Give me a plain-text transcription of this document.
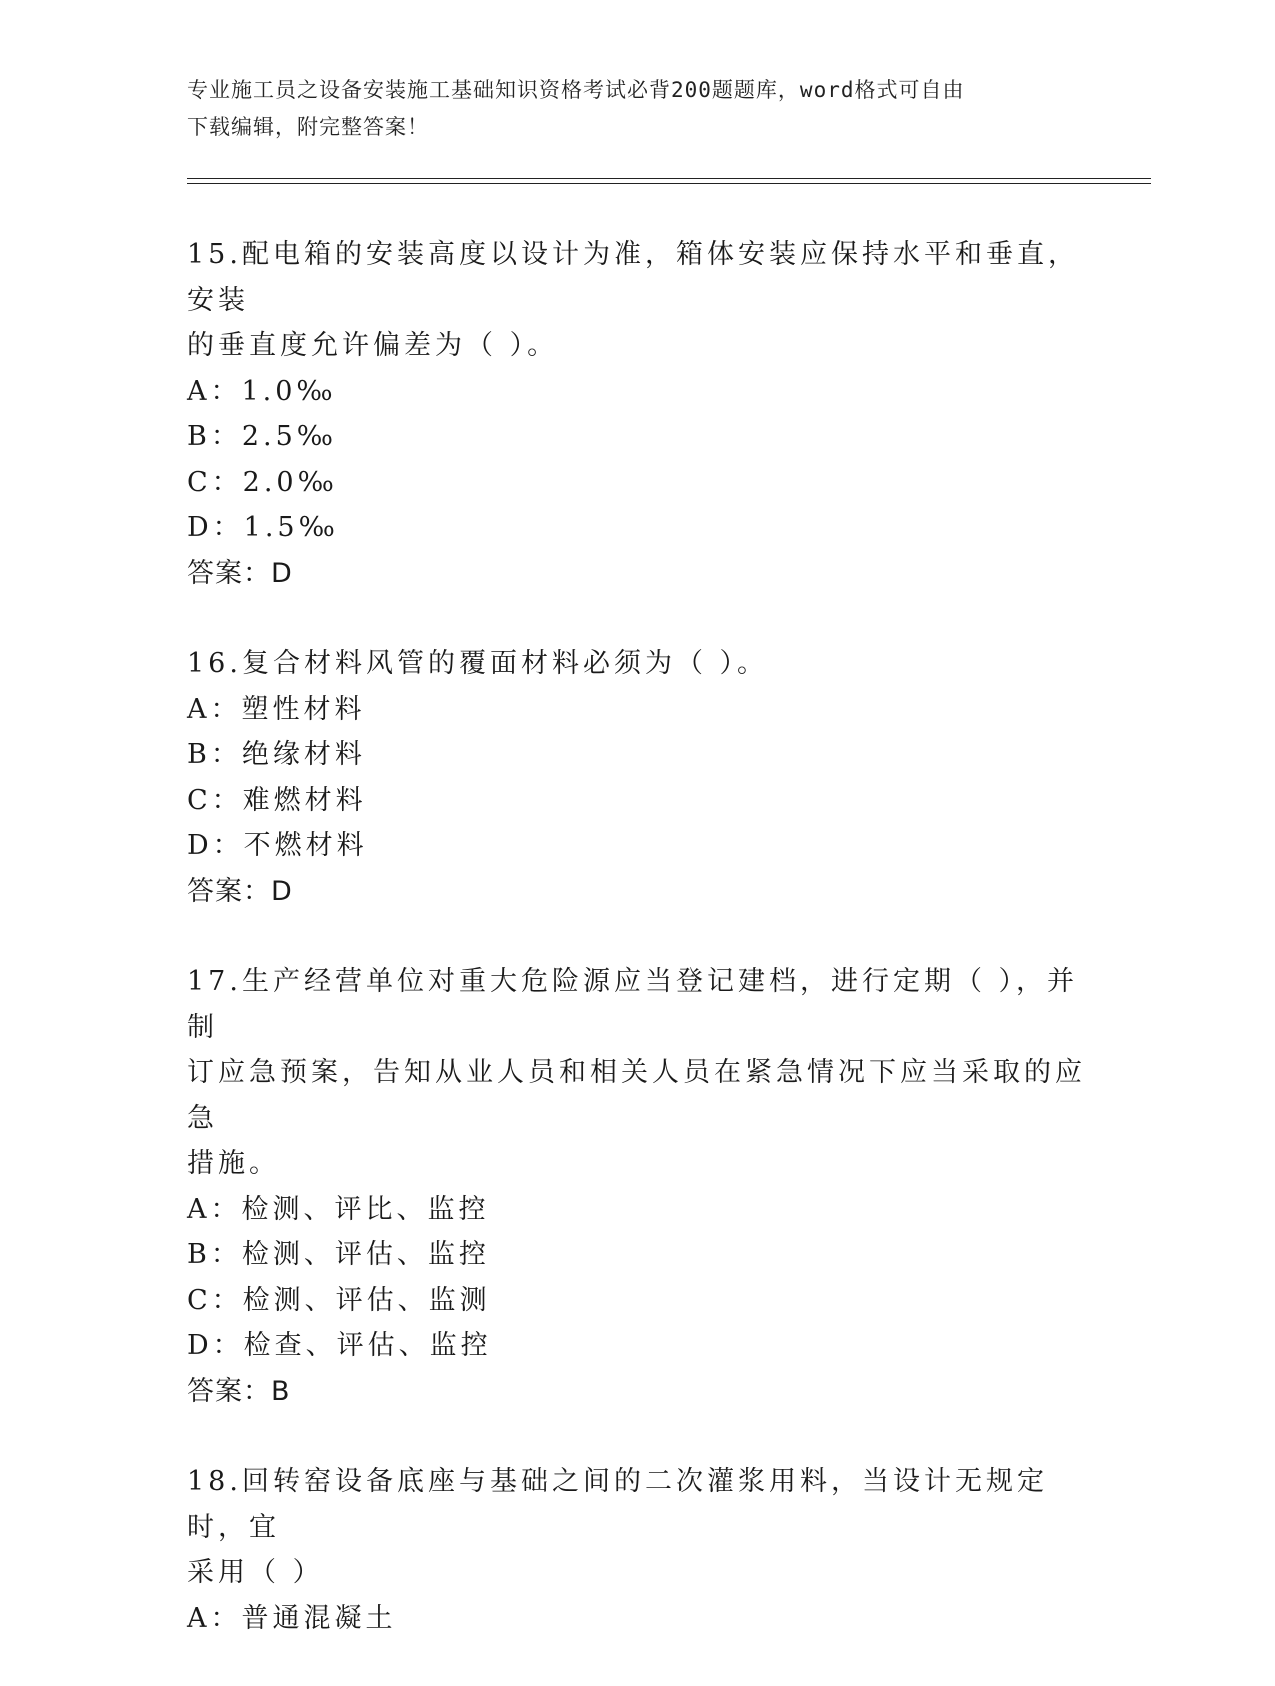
专业施工员之设备安装施工基础知识资格考试必背200题题库，word格式可自由
下载编辑，附完整答案！
15.配电箱的安装高度以设计为准，箱体安装应保持水平和垂直，安装
的垂直度允许偏差为（ ）。
A：1.0‰
B：2.5‰
C：2.0‰
D：1.5‰
答案：D
16.复合材料风管的覆面材料必须为（ ）。
A：塑性材料
B：绝缘材料
C：难燃材料
D：不燃材料
答案：D
17.生产经营单位对重大危险源应当登记建档，进行定期（ ），并制
订应急预案，告知从业人员和相关人员在紧急情况下应当采取的应急
措施。
A：检测、评比、监控
B：检测、评估、监控
C：检测、评估、监测
D：检查、评估、监控
答案：B
18.回转窑设备底座与基础之间的二次灌浆用料，当设计无规定时，宜
采用（ ）
A：普通混凝土
